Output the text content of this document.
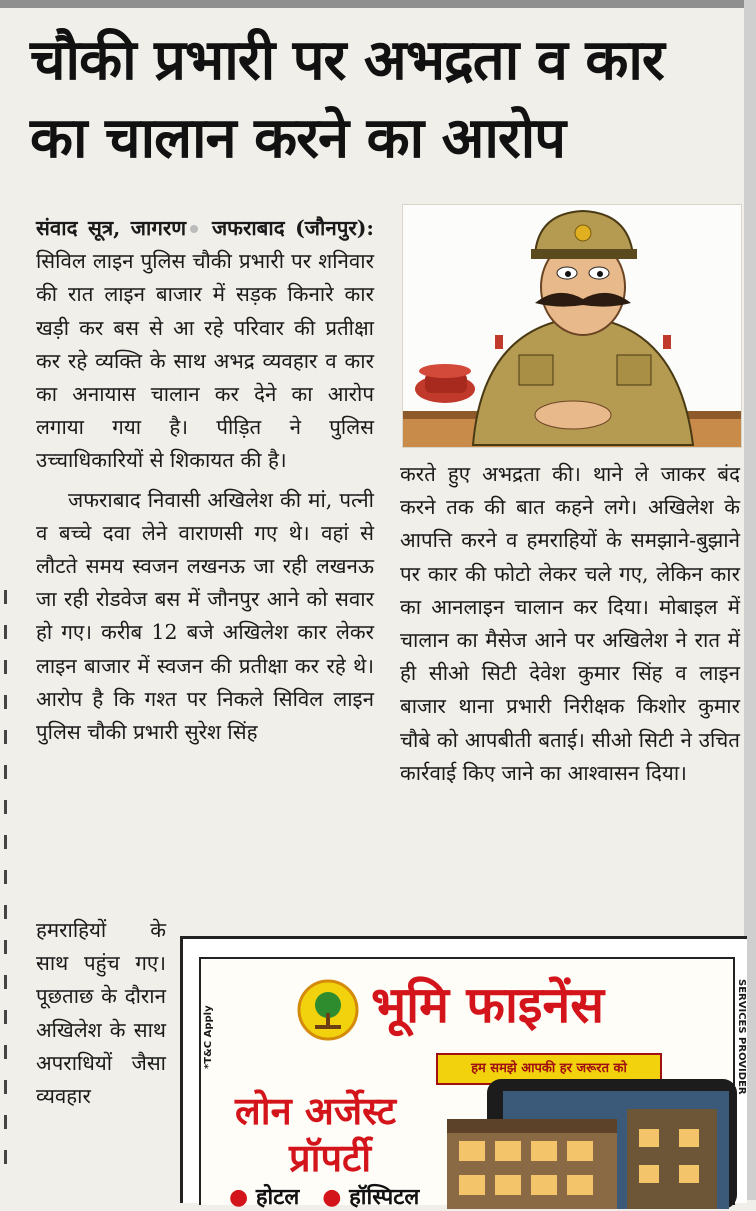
चौकी प्रभारी पर अभद्रता व कार का चालान करने का आरोप

संवाद सूत्र, जागरण जफराबाद (जौनपुर): सिविल लाइन पुलिस चौकी प्रभारी पर शनिवार की रात लाइन बाजार में सड़क किनारे कार खड़ी कर बस से आ रहे परिवार की प्रतीक्षा कर रहे व्यक्ति के साथ अभद्र व्यवहार व कार का अनायास चालान कर देने का आरोप लगाया गया है। पीड़ित ने पुलिस उच्चाधिकारियों से शिकायत की है।

जफराबाद निवासी अखिलेश की मां, पत्नी व बच्चे दवा लेने वाराणसी गए थे। वहां से लौटते समय स्वजन लखनऊ जा रही लखनऊ जा रही रोडवेज बस में जौनपुर आने को सवार हो गए। करीब 12 बजे अखिलेश कार लेकर लाइन बाजार में स्वजन की प्रतीक्षा कर रहे थे। आरोप है कि गश्त पर निकले सिविल लाइन पुलिस चौकी प्रभारी सुरेश सिंह

करते हुए अभद्रता की। थाने ले जाकर बंद करने तक की बात कहने लगे। अखिलेश के आपत्ति करने व हमराहियों के समझाने-बुझाने पर कार की फोटो लेकर चले गए, लेकिन कार का आनलाइन चालान कर दिया। मोबाइल में चालान का मैसेज आने पर अखिलेश ने रात में ही सीओ सिटी देवेश कुमार सिंह व लाइन बाजार थाना प्रभारी निरीक्षक किशोर कुमार चौबे को आपबीती बताई। सीओ सिटी ने उचित कार्रवाई किए जाने का आश्वासन दिया।

हमराहियों के साथ पहुंच गए। पूछताछ के दौरान अखिलेश के साथ अपराधियों जैसा व्यवहार

*T&C Apply	SERVICES PROVIDER
भूमि फाइनेंस
हम समझे आपकी हर जरूरत को
लोन अर्जेस्ट
प्रॉपर्टी
● होटल ● हॉस्पिटल
